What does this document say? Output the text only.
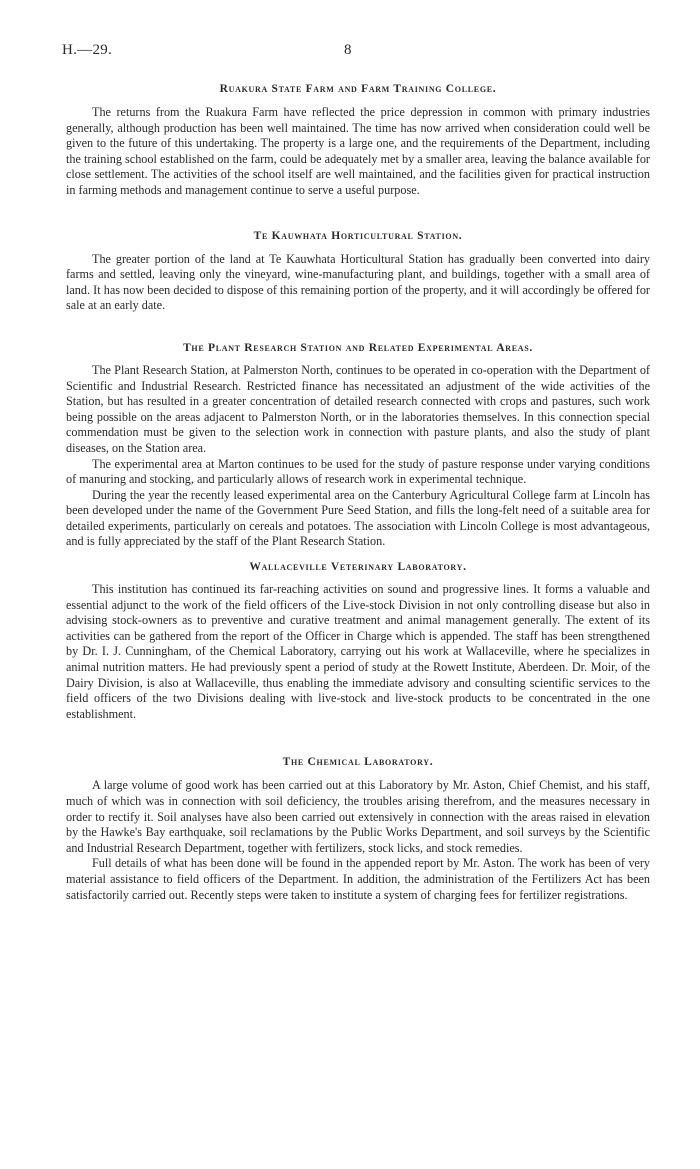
H.—29.	8
Ruakura State Farm and Farm Training College.

The returns from the Ruakura Farm have reflected the price depression in common with primary industries generally, although production has been well maintained. The time has now arrived when consideration could well be given to the future of this undertaking. The property is a large one, and the requirements of the Department, including the training school established on the farm, could be adequately met by a smaller area, leaving the balance available for close settlement. The activities of the school itself are well maintained, and the facilities given for practical instruction in farming methods and management continue to serve a useful purpose.

Te Kauwhata Horticultural Station.

The greater portion of the land at Te Kauwhata Horticultural Station has gradually been converted into dairy farms and settled, leaving only the vineyard, wine-manufacturing plant, and buildings, together with a small area of land. It has now been decided to dispose of this remaining portion of the property, and it will accordingly be offered for sale at an early date.

The Plant Research Station and Related Experimental Areas.

The Plant Research Station, at Palmerston North, continues to be operated in co-operation with the Department of Scientific and Industrial Research. Restricted finance has necessitated an adjustment of the wide activities of the Station, but has resulted in a greater concentration of detailed research connected with crops and pastures, such work being possible on the areas adjacent to Palmerston North, or in the laboratories themselves. In this connection special commendation must be given to the selection work in connection with pasture plants, and also the study of plant diseases, on the Station area.

The experimental area at Marton continues to be used for the study of pasture response under varying conditions of manuring and stocking, and particularly allows of research work in experimental technique.

During the year the recently leased experimental area on the Canterbury Agricultural College farm at Lincoln has been developed under the name of the Government Pure Seed Station, and fills the long-felt need of a suitable area for detailed experiments, particularly on cereals and potatoes. The association with Lincoln College is most advantageous, and is fully appreciated by the staff of the Plant Research Station.

Wallaceville Veterinary Laboratory.

This institution has continued its far-reaching activities on sound and progressive lines. It forms a valuable and essential adjunct to the work of the field officers of the Live-stock Division in not only controlling disease but also in advising stock-owners as to preventive and curative treatment and animal management generally. The extent of its activities can be gathered from the report of the Officer in Charge which is appended. The staff has been strengthened by Dr. I. J. Cunningham, of the Chemical Laboratory, carrying out his work at Wallaceville, where he specializes in animal nutrition matters. He had previously spent a period of study at the Rowett Institute, Aberdeen. Dr. Moir, of the Dairy Division, is also at Wallaceville, thus enabling the immediate advisory and consulting scientific services to the field officers of the two Divisions dealing with live-stock and live-stock products to be concentrated in the one establishment.

The Chemical Laboratory.

A large volume of good work has been carried out at this Laboratory by Mr. Aston, Chief Chemist, and his staff, much of which was in connection with soil deficiency, the troubles arising therefrom, and the measures necessary in order to rectify it. Soil analyses have also been carried out extensively in connection with the areas raised in elevation by the Hawke's Bay earthquake, soil reclamations by the Public Works Department, and soil surveys by the Scientific and Industrial Research Department, together with fertilizers, stock licks, and stock remedies.

Full details of what has been done will be found in the appended report by Mr. Aston. The work has been of very material assistance to field officers of the Department. In addition, the administration of the Fertilizers Act has been satisfactorily carried out. Recently steps were taken to institute a system of charging fees for fertilizer registrations.
